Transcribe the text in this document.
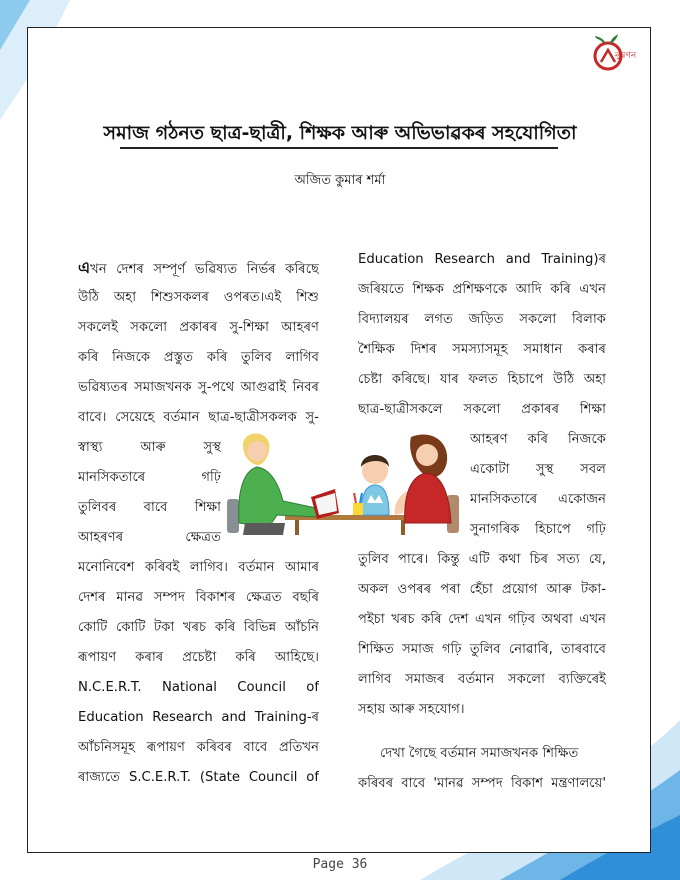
নুৰণন
সমাজ গঠনত ছাত্ৰ-ছাত্ৰী, শিক্ষক আৰু অভিভাৱকৰ সহযোগিতা
অজিত কুমাৰ শৰ্মা
এখন দেশৰ সম্পূৰ্ণ ভৱিষ্যত নিৰ্ভৰ কৰিছে
উঠি অহা শিশুসকলৰ ওপৰত।এই শিশু
সকলেই সকলো প্ৰকাৰৰ সু-শিক্ষা আহৰণ
কৰি নিজকে প্ৰস্তুত কৰি তুলিব লাগিব
ভৱিষ্যতৰ সমাজখনক সু-পথে আগুৱাই নিবৰ
বাবে। সেয়েহে বৰ্তমান ছাত্ৰ-ছাত্ৰীসকলক সু-
স্বাস্থ্য আৰু সুস্থ
মানসিকতাৰে গঢ়ি
তুলিবৰ বাবে শিক্ষা
আহৰণৰ ক্ষেত্ৰত
মনোনিবেশ কৰিবই লাগিব। বৰ্তমান আমাৰ
দেশৰ মানৱ সম্পদ বিকাশৰ ক্ষেত্ৰত বছৰি
কোটি কোটি টকা খৰচ কৰি বিভিন্ন আঁচনি
ৰূপায়ণ কৰাৰ প্ৰচেষ্টা কৰি আহিছে।
N.C.E.R.T. National Council of
Education Research and Training-ৰ
আঁচনিসমূহ ৰূপায়ণ কৰিবৰ বাবে প্ৰতিখন
ৰাজ্যতে S.C.E.R.T. (State Council of
Education Research and Training)ৰ
জৰিয়তে শিক্ষক প্ৰশিক্ষণকে আদি কৰি এখন
বিদ্যালয়ৰ লগত জড়িত সকলো বিলাক
শৈক্ষিক দিশৰ সমস্যাসমূহ সমাধান কৰাৰ
চেষ্টা কৰিছে। যাৰ ফলত হিচাপে উঠি অহা
ছাত্ৰ-ছাত্ৰীসকলে সকলো প্ৰকাৰৰ শিক্ষা
আহৰণ কৰি নিজকে
একোটা সুস্থ সবল
মানসিকতাৰে একোজন
সুনাগৰিক হিচাপে গঢ়ি
তুলিব পাৰে। কিন্তু এটি কথা চিৰ সত্য যে,
অকল ওপৰৰ পৰা হেঁচা প্ৰয়োগ আৰু টকা-
পইচা খৰচ কৰি দেশ এখন গঢ়িব অথবা এখন
শিক্ষিত সমাজ গঢ়ি তুলিব নোৱাৰি, তাৰবাবে
লাগিব সমাজৰ বৰ্তমান সকলো ব্যক্তিৰেই
সহায় আৰু সহযোগ।
দেখা গৈছে বৰ্তমান সমাজখনক শিক্ষিত
কৰিবৰ বাবে 'মানৱ সম্পদ বিকাশ মন্ত্ৰণালয়ে'
Page 36
